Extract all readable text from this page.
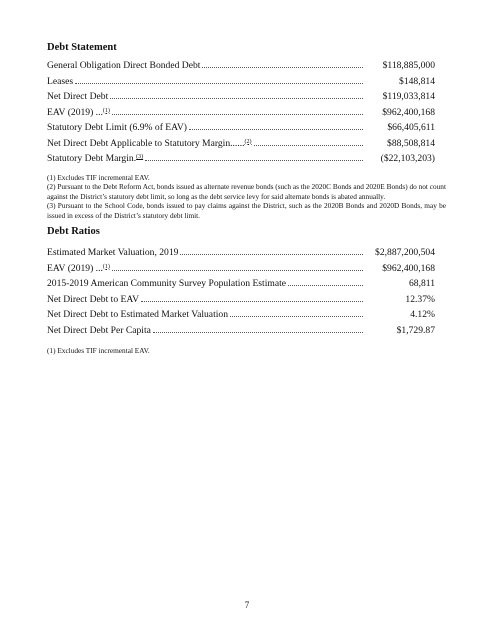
Debt Statement
General Obligation Direct Bonded Debt	$118,885,000
Leases	$148,814
Net Direct Debt	$119,033,814
EAV (2019) ...$^{(1)}$	$962,400,168
Statutory Debt Limit (6.9% of EAV)	$66,405,611
Net Direct Debt Applicable to Statutory Margin......$^{(2)}$	$88,508,814
Statutory Debt Margin.$^{(3)}$	($22,103,203)

(1) Excludes TIF incremental EAV.

(2) Pursuant to the Debt Reform Act, bonds issued as alternate revenue bonds (such as the 2020C Bonds and 2020E Bonds) do not count against the District’s statutory debt limit, so long as the debt service levy for said alternate bonds is abated annually.

(3) Pursuant to the School Code, bonds issued to pay claims against the District, such as the 2020B Bonds and 2020D Bonds, may be issued in excess of the District’s statutory debt limit.

Debt Ratios
Estimated Market Valuation, 2019	$2,887,200,504
EAV (2019) ...$^{(1)}$	$962,400,168
2015-2019 American Community Survey Population Estimate	68,811
Net Direct Debt to EAV	12.37%
Net Direct Debt to Estimated Market Valuation	4.12%
Net Direct Debt Per Capita	$1,729.87

(1) Excludes TIF incremental EAV.

7
